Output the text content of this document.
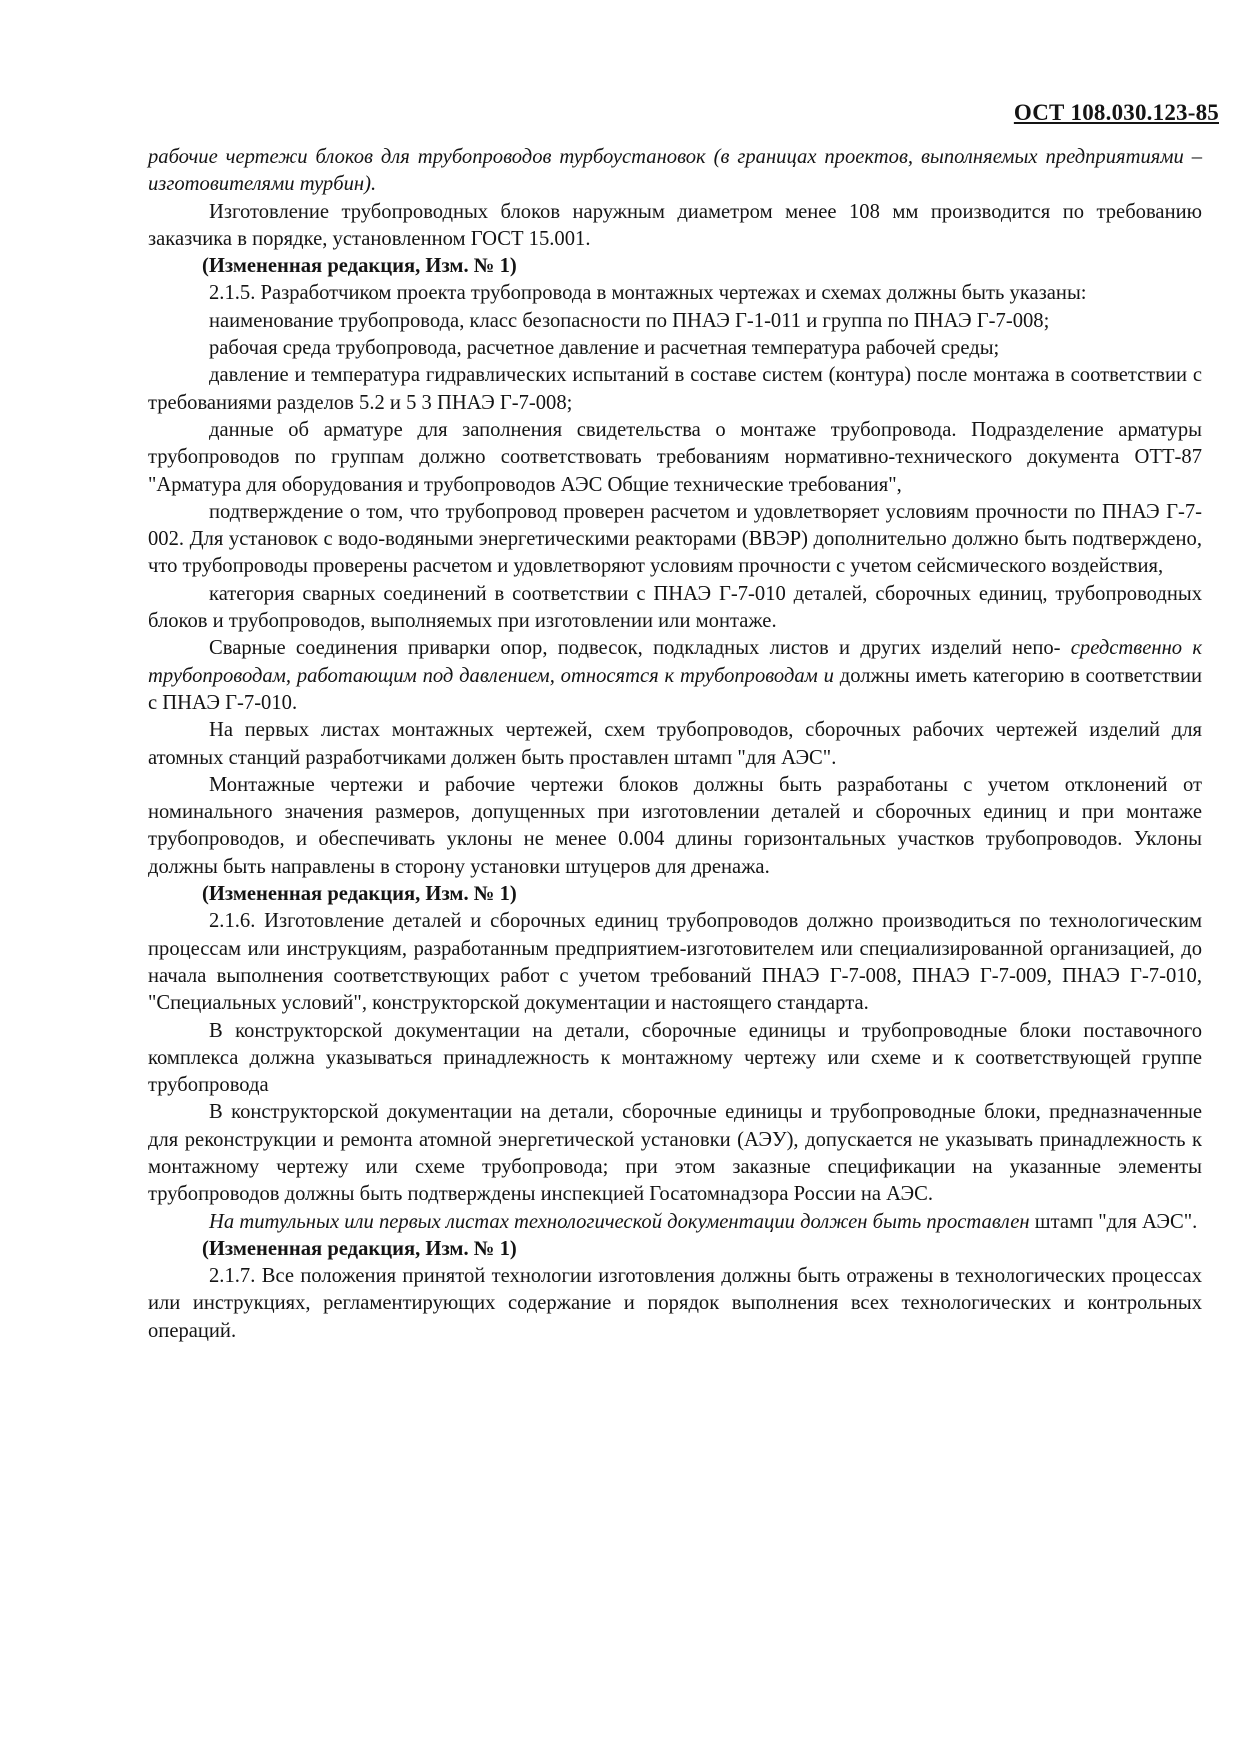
ОСТ 108.030.123-85

рабочие чертежи блоков для трубопроводов турбоустановок (в границах проектов, выполняемых предприятиями – изготовителями турбин).

Изготовление трубопроводных блоков наружным диаметром менее 108 мм производится по требованию заказчика в порядке, установленном ГОСТ 15.001.

(Измененная редакция, Изм. № 1)

2.1.5. Разработчиком проекта трубопровода в монтажных чертежах и схемах должны быть указаны:

наименование трубопровода, класс безопасности по ПНАЭ Г-1-011 и группа по ПНАЭ Г-7-008;

рабочая среда трубопровода, расчетное давление и расчетная температура рабочей среды;

давление и температура гидравлических испытаний в составе систем (контура) после монтажа в соответствии с требованиями разделов 5.2 и 5 3 ПНАЭ Г-7-008;

данные об арматуре для заполнения свидетельства о монтаже трубопровода. Подразделение арматуры трубопроводов по группам должно соответствовать требованиям нормативно-технического документа ОТТ-87 "Арматура для оборудования и трубопроводов АЭС Общие технические требования",

подтверждение о том, что трубопровод проверен расчетом и удовлетворяет условиям прочности по ПНАЭ Г-7-002. Для установок с водо-водяными энергетическими реакторами (ВВЭР) дополнительно должно быть подтверждено, что трубопроводы проверены расчетом и удовлетворяют условиям прочности с учетом сейсмического воздействия,

категория сварных соединений в соответствии с ПНАЭ Г-7-010 деталей, сборочных единиц, трубопроводных блоков и трубопроводов, выполняемых при изготовлении или монтаже.

Сварные соединения приварки опор, подвесок, подкладных листов и других изделий непо- средственно к трубопроводам, работающим под давлением, относятся к трубопроводам и должны иметь категорию в соответствии с ПНАЭ Г-7-010.

На первых листах монтажных чертежей, схем трубопроводов, сборочных рабочих чертежей изделий для атомных станций разработчиками должен быть проставлен штамп "для АЭС".

Монтажные чертежи и рабочие чертежи блоков должны быть разработаны с учетом отклонений от номинального значения размеров, допущенных при изготовлении деталей и сборочных единиц и при монтаже трубопроводов, и обеспечивать уклоны не менее 0.004 длины горизонтальных участков трубопроводов. Уклоны должны быть направлены в сторону установки штуцеров для дренажа.

(Измененная редакция, Изм. № 1)

2.1.6. Изготовление деталей и сборочных единиц трубопроводов должно производиться по технологическим процессам или инструкциям, разработанным предприятием-изготовителем или специализированной организацией, до начала выполнения соответствующих работ с учетом требований ПНАЭ Г-7-008, ПНАЭ Г-7-009, ПНАЭ Г-7-010, "Специальных условий", конструкторской документации и настоящего стандарта.

В конструкторской документации на детали, сборочные единицы и трубопроводные блоки поставочного комплекса должна указываться принадлежность к монтажному чертежу или схеме и к соответствующей группе трубопровода

В конструкторской документации на детали, сборочные единицы и трубопроводные блоки, предназначенные для реконструкции и ремонта атомной энергетической установки (АЭУ), допускается не указывать принадлежность к монтажному чертежу или схеме трубопровода; при этом заказные спецификации на указанные элементы трубопроводов должны быть подтверждены инспекцией Госатомнадзора России на АЭС.

На титульных или первых листах технологической документации должен быть проставлен штамп "для АЭС".

(Измененная редакция, Изм. № 1)

2.1.7. Все положения принятой технологии изготовления должны быть отражены в технологических процессах или инструкциях, регламентирующих содержание и порядок выполнения всех технологических и контрольных операций.
